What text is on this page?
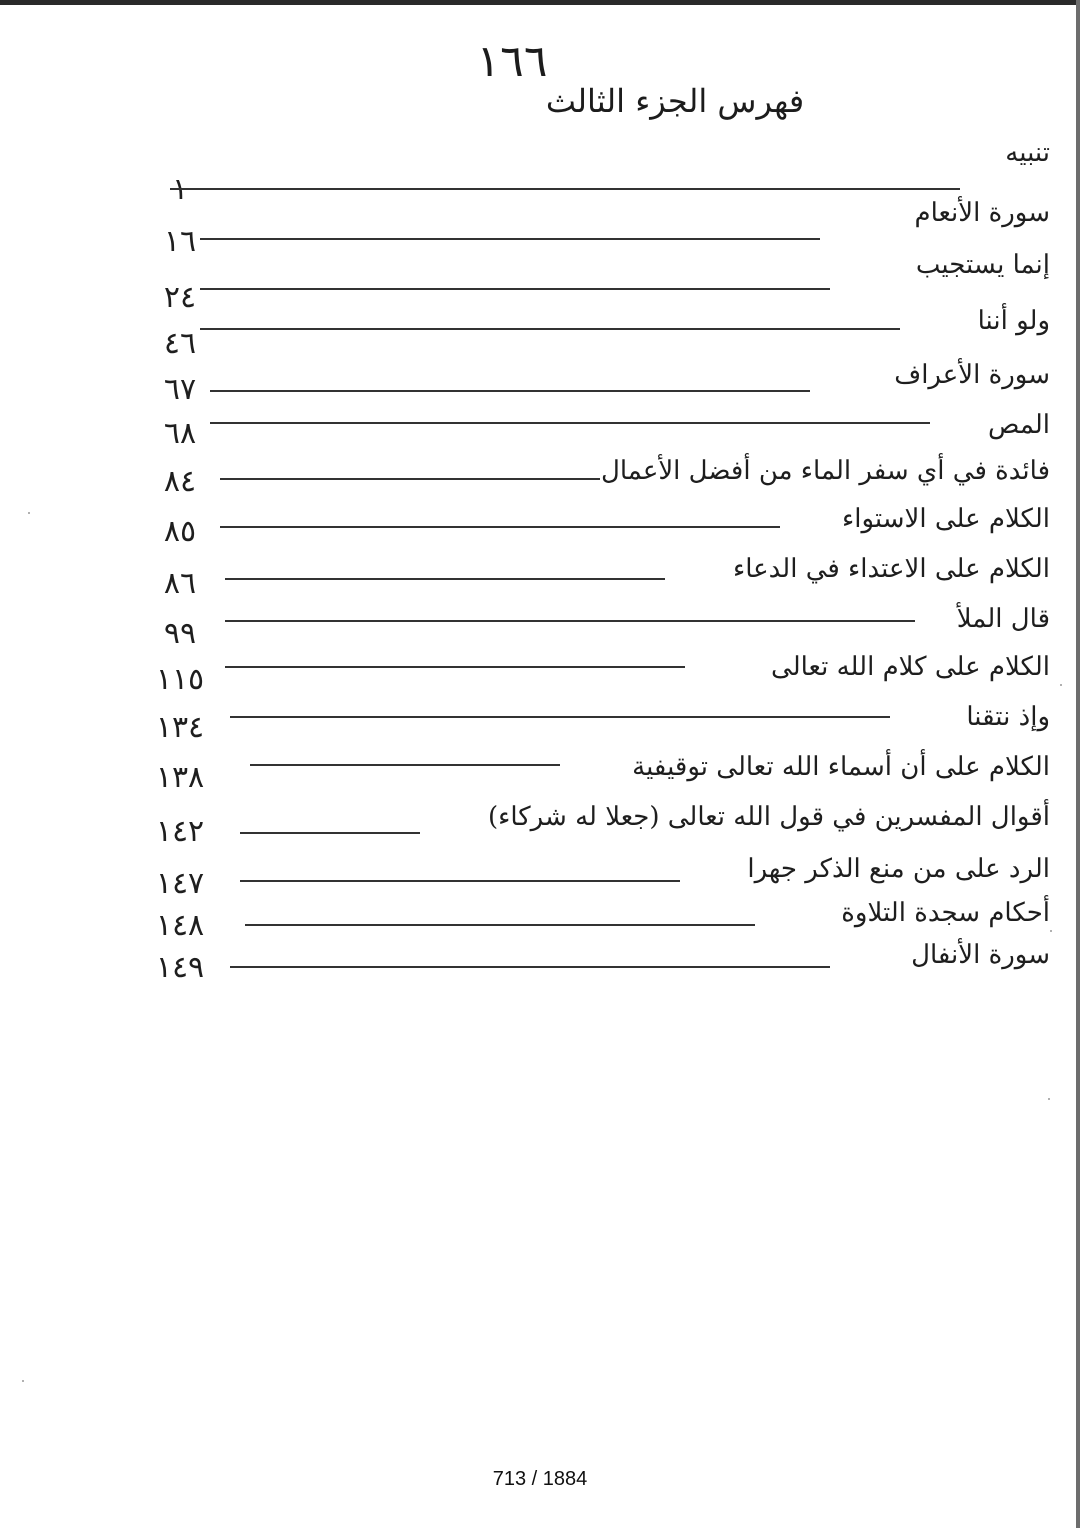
١٦٦
فهرس الجزء الثالث
تنبيه
١
سورة الأنعام
١٦
إنما يستجيب
٢٤
ولو أننا
٤٦
سورة الأعراف
٦٧
المص
٦٨
فائدة في أي سفر الماء من أفضل الأعمال
٨٤
الكلام على الاستواء
٨٥
الكلام على الاعتداء في الدعاء
٨٦
قال الملأ
٩٩
الكلام على كلام الله تعالى
١١٥
وإذ نتقنا
١٣٤
الكلام على أن أسماء الله تعالى توقيفية
١٣٨
أقوال المفسرين في قول الله تعالى (جعلا له شركاء)
١٤٢
الرد على من منع الذكر جهرا
١٤٧
أحكام سجدة التلاوة
١٤٨
سورة الأنفال
١٤٩
713 / 1884
